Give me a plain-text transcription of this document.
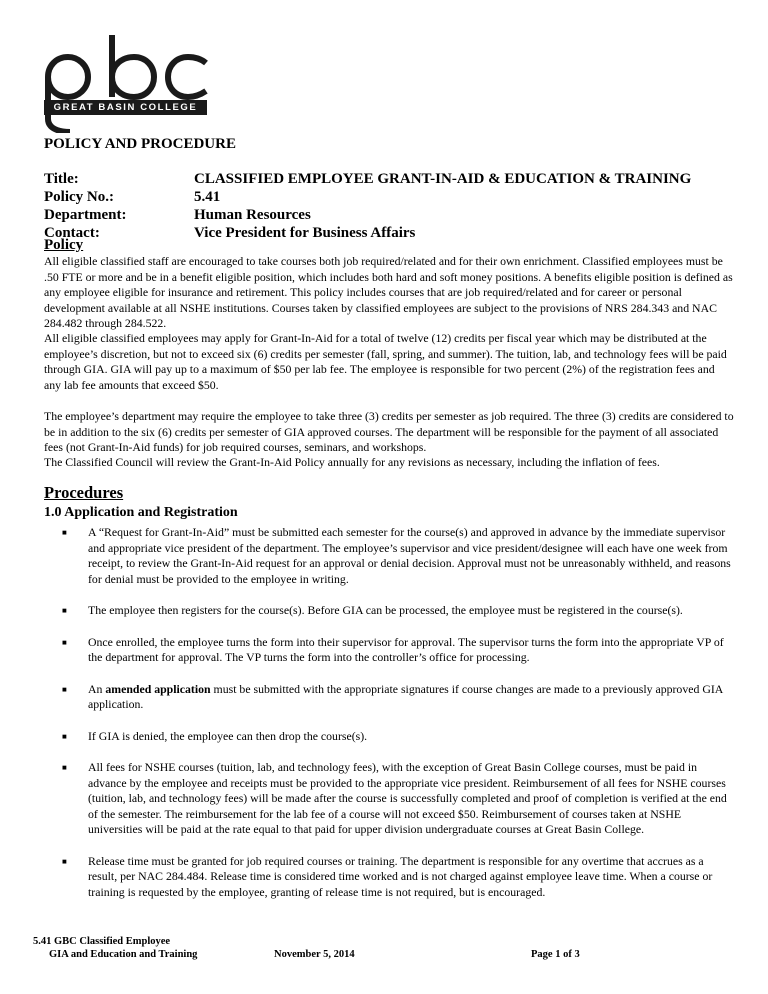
GREAT BASIN COLLEGE
POLICY AND PROCEDURE
Title:	CLASSIFIED EMPLOYEE GRANT-IN-AID & EDUCATION & TRAINING
Policy No.:	5.41
Department:	Human Resources
Contact:	Vice President for Business Affairs
Policy
All eligible classified staff are encouraged to take courses both job required/related and for their own enrichment. Classified employees must be .50 FTE or more and be in a benefit eligible position, which includes both hard and soft money positions. A benefits eligible position is defined as any employee eligible for insurance and retirement. This policy includes courses that are job required/related and for career or personal development available at all NSHE institutions. Courses taken by classified employees are subject to the provisions of NRS 284.343 and NAC 284.482 through 284.522.
All eligible classified employees may apply for Grant-In-Aid for a total of twelve (12) credits per fiscal year which may be distributed at the employee’s discretion, but not to exceed six (6) credits per semester (fall, spring, and summer). The tuition, lab, and technology fees will be paid through GIA. GIA will pay up to a maximum of $50 per lab fee. The employee is responsible for two percent (2%) of the registration fees and any lab fee amounts that exceed $50.
The employee’s department may require the employee to take three (3) credits per semester as job required. The three (3) credits are considered to be in addition to the six (6) credits per semester of GIA approved courses. The department will be responsible for the payment of all associated fees (not Grant-In-Aid funds) for job required courses, seminars, and workshops.
The Classified Council will review the Grant-In-Aid Policy annually for any revisions as necessary, including the inflation of fees.
Procedures
1.0 Application and Registration
■	A “Request for Grant-In-Aid” must be submitted each semester for the course(s) and approved in advance by the immediate supervisor and appropriate vice president of the department. The employee’s supervisor and vice president/designee will each have one week from receipt, to review the Grant-In-Aid request for an approval or denial decision. Approval must not be unreasonably withheld, and reasons for denial must be provided to the employee in writing.
■	The employee then registers for the course(s). Before GIA can be processed, the employee must be registered in the course(s).
■	Once enrolled, the employee turns the form into their supervisor for approval. The supervisor turns the form into the appropriate VP of the department for approval. The VP turns the form into the controller’s office for processing.
■	An amended application must be submitted with the appropriate signatures if course changes are made to a previously approved GIA application.
■	If GIA is denied, the employee can then drop the course(s).
■	All fees for NSHE courses (tuition, lab, and technology fees), with the exception of Great Basin College courses, must be paid in advance by the employee and receipts must be provided to the appropriate vice president. Reimbursement of all fees for NSHE courses (tuition, lab, and technology fees) will be made after the course is successfully completed and proof of completion is verified at the end of the semester. The reimbursement for the lab fee of a course will not exceed $50. Reimbursement of courses taken at NSHE universities will be paid at the rate equal to that paid for upper division undergraduate courses at Great Basin College.
■	Release time must be granted for job required courses or training. The department is responsible for any overtime that accrues as a result, per NAC 284.484. Release time is considered time worked and is not charged against employee leave time. When a course or training is requested by the employee, granting of release time is not required, but is encouraged.
5.41 GBC Classified Employee
GIA and Education and Training	November 5, 2014	Page 1 of 3
